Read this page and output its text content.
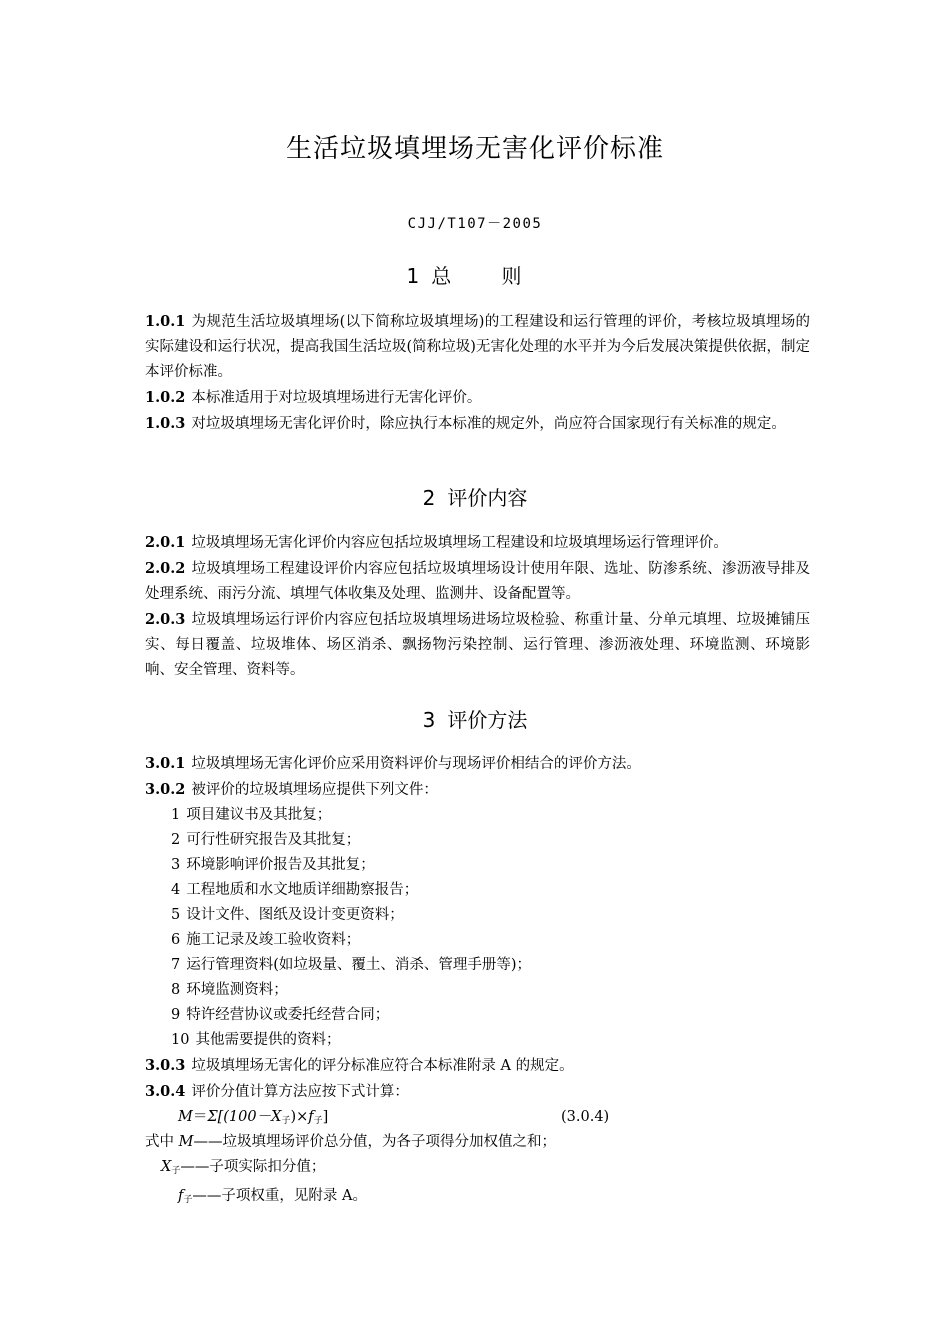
生活垃圾填埋场无害化评价标准
CJJ/T107－2005
1 总 则

1.0.1 为规范生活垃圾填埋场(以下简称垃圾填埋场)的工程建设和运行管理的评价，考核垃圾填埋场的实际建设和运行状况，提高我国生活垃圾(简称垃圾)无害化处理的水平并为今后发展决策提供依据，制定本评价标准。

1.0.2 本标准适用于对垃圾填埋场进行无害化评价。

1.0.3 对垃圾填埋场无害化评价时，除应执行本标准的规定外，尚应符合国家现行有关标准的规定。

2 评价内容

2.0.1 垃圾填埋场无害化评价内容应包括垃圾填埋场工程建设和垃圾填埋场运行管理评价。

2.0.2 垃圾填埋场工程建设评价内容应包括垃圾填埋场设计使用年限、选址、防渗系统、渗沥液导排及处理系统、雨污分流、填埋气体收集及处理、监测井、设备配置等。

2.0.3 垃圾填埋场运行评价内容应包括垃圾填埋场进场垃圾检验、称重计量、分单元填埋、垃圾摊铺压实、每日覆盖、垃圾堆体、场区消杀、飘扬物污染控制、运行管理、渗沥液处理、环境监测、环境影响、安全管理、资料等。

3 评价方法

3.0.1 垃圾填埋场无害化评价应采用资料评价与现场评价相结合的评价方法。

3.0.2 被评价的垃圾填埋场应提供下列文件：

1 项目建议书及其批复；

2 可行性研究报告及其批复；

3 环境影响评价报告及其批复；

4 工程地质和水文地质详细勘察报告；

5 设计文件、图纸及设计变更资料；

6 施工记录及竣工验收资料；

7 运行管理资料(如垃圾量、覆土、消杀、管理手册等)；

8 环境监测资料；

9 特许经营协议或委托经营合同；

10 其他需要提供的资料；

3.0.3 垃圾填埋场无害化的评分标准应符合本标准附录 A 的规定。

3.0.4 评价分值计算方法应按下式计算：

$M=\Sigma[(100-X_子)\times f_子]$	(3.0.4)

式中 M——垃圾填埋场评价总分值，为各子项得分加权值之和；

$X_子——$子项实际扣分值；

$f_子——$子项权重，见附录 A。
